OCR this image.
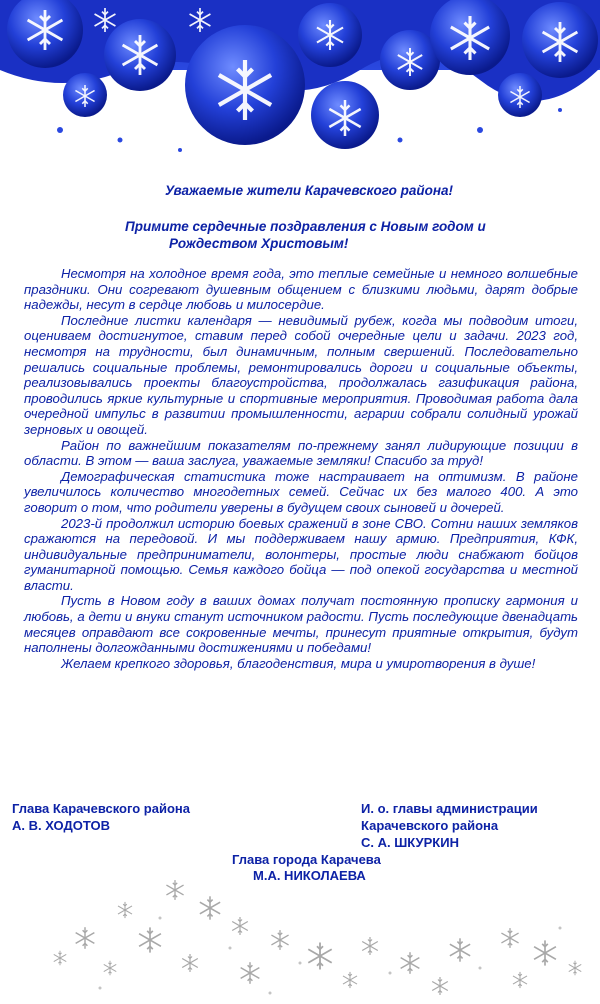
Уважаемые жители Карачевского района!
Примите сердечные поздравления с Новым годом и
Рождеством Христовым!

Несмотря на холодное время года, это теплые семейные и немного волшебные праздники. Они согревают душевным общением с близкими людьми, дарят добрые надежды, несут в сердце любовь и милосердие.

Последние листки календаря — невидимый рубеж, когда мы подводим итоги, оцениваем достигнутое, ставим перед собой очередные цели и задачи. 2023 год, несмотря на трудности, был динамичным, полным свершений. Последовательно решались социальные проблемы, ремонтировались дороги и социальные объекты, реализовывались проекты благоустройства, продолжалась газификация района, проводились яркие культурные и спортивные мероприятия. Проводимая работа дала очередной импульс в развитии промышленности, аграрии собрали солидный урожай зерновых и овощей.

Район по важнейшим показателям по-прежнему занял лидирующие позиции в области. В этом — ваша заслуга, уважаемые земляки! Спасибо за труд!

Демографическая статистика тоже настраивает на оптимизм. В районе увеличилось количество многодетных семей. Сейчас их без малого 400. А это говорит о том, что родители уверены в будущем своих сыновей и дочерей.

2023-й продолжил историю боевых сражений в зоне СВО. Сотни наших земляков сражаются на передовой. И мы поддерживаем нашу армию. Предприятия, КФК, индивидуальные предприниматели, волонтеры, простые люди снабжают бойцов гуманитарной помощью. Семья каждого бойца — под опекой государства и местной власти.

Пусть в Новом году в ваших домах получат постоянную прописку гармония и любовь, а дети и внуки станут источником радости. Пусть последующие двенадцать месяцев оправдают все сокровенные мечты, принесут приятные открытия, будут наполнены долгожданными достижениями и победами!

Желаем крепкого здоровья, благоденствия, мира и умиротворения в душе!

Глава Карачевского района
А. В. ХОДОТОВ
И. о. главы администрации
Карачевского района
С. А. ШКУРКИН
Глава города Карачева
М.А. НИКОЛАЕВА
